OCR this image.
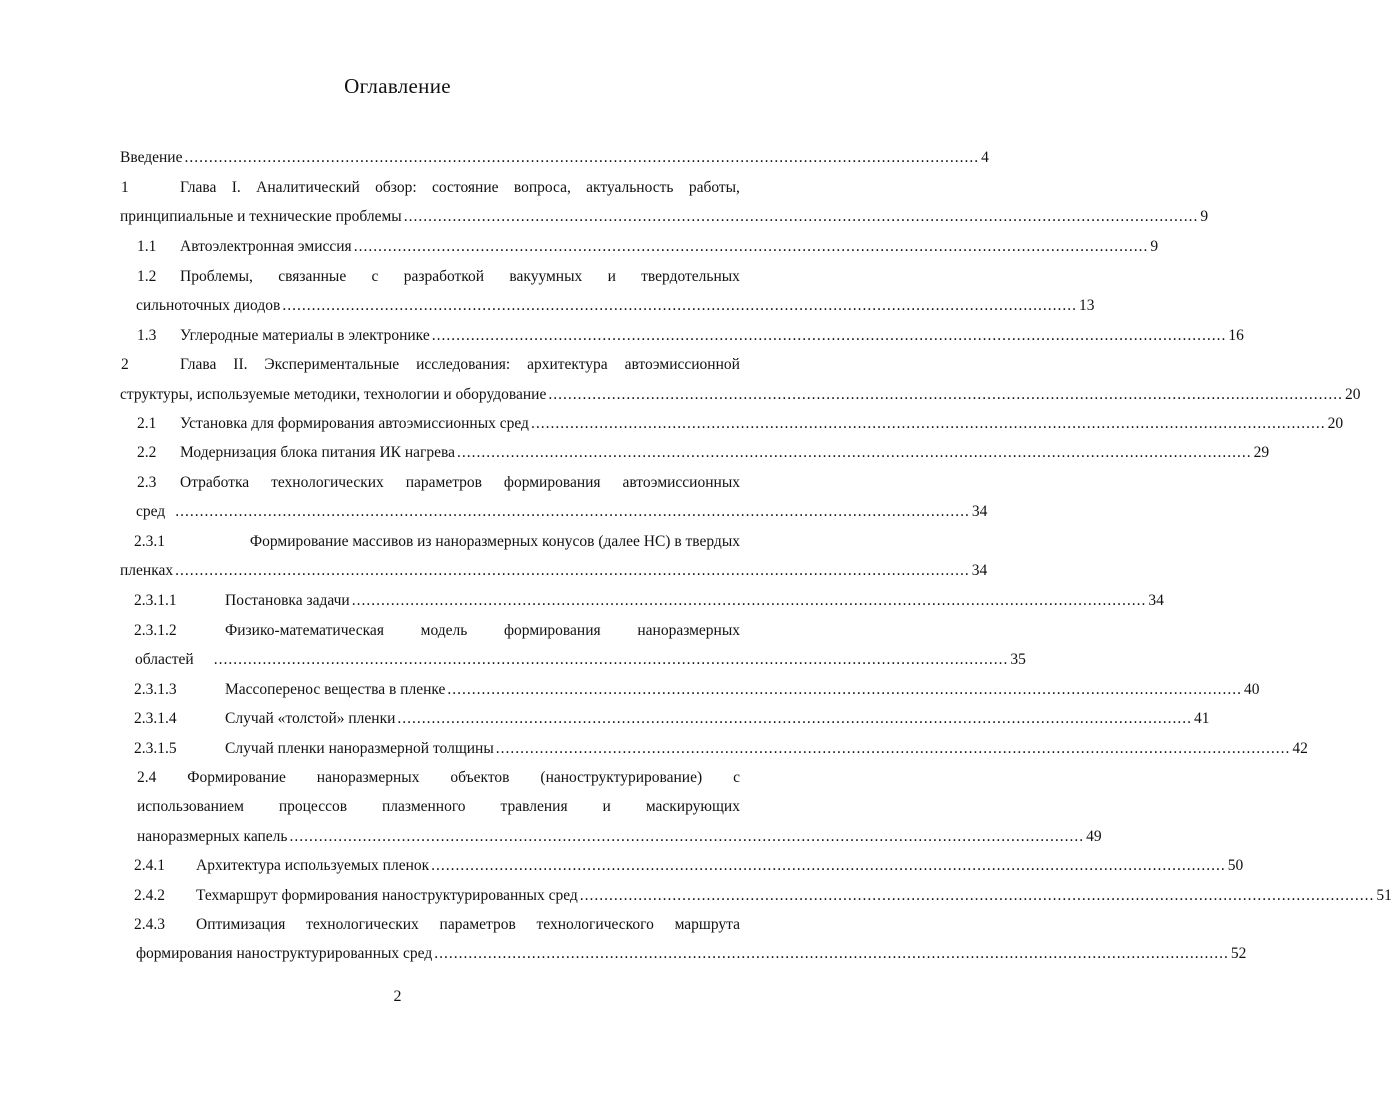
Оглавление
Введение ................................................................................................................................................................... 4
1	Глава I. Аналитический обзор: состояние вопроса, актуальность работы,
принципиальные и технические проблемы ................................................................................................................................................................... 9
1.1 Автоэлектронная эмиссия ................................................................................................................................................................... 9
1.2 Проблемы, связанные с разработкой вакуумных и твердотельных
сильноточных диодов ................................................................................................................................................................... 13
1.3 Углеродные материалы в электронике ................................................................................................................................................................... 16
2	Глава II. Экспериментальные исследования: архитектура автоэмиссионной
структуры, используемые методики, технологии и оборудование ................................................................................................................................................................... 20
2.1 Установка для формирования автоэмиссионных сред ................................................................................................................................................................... 20
2.2 Модернизация блока питания ИК нагрева ................................................................................................................................................................... 29
2.3 Отработка технологических параметров формирования автоэмиссионных
сред ................................................................................................................................................................... 34
2.3.1	Формирование массивов из наноразмерных конусов (далее НС) в твердых
пленках ................................................................................................................................................................... 34
2.3.1.1	Постановка задачи ................................................................................................................................................................... 34
2.3.1.2	Физико-математическая модель формирования наноразмерных
областей ................................................................................................................................................................... 35
2.3.1.3	Массоперенос вещества в пленке ................................................................................................................................................................... 40
2.3.1.4	Случай «толстой» пленки ................................................................................................................................................................... 41
2.3.1.5	Случай пленки наноразмерной толщины ................................................................................................................................................................... 42
2.4 Формирование наноразмерных объектов (наноструктурирование) с
использованием процессов плазменного травления и маскирующих
наноразмерных капель ................................................................................................................................................................... 49
2.4.1 Архитектура используемых пленок ................................................................................................................................................................... 50
2.4.2 Техмаршрут формирования наноструктурированных сред ................................................................................................................................................................... 51
2.4.3 Оптимизация технологических параметров технологического маршрута
формирования наноструктурированных сред ................................................................................................................................................................... 52
2
